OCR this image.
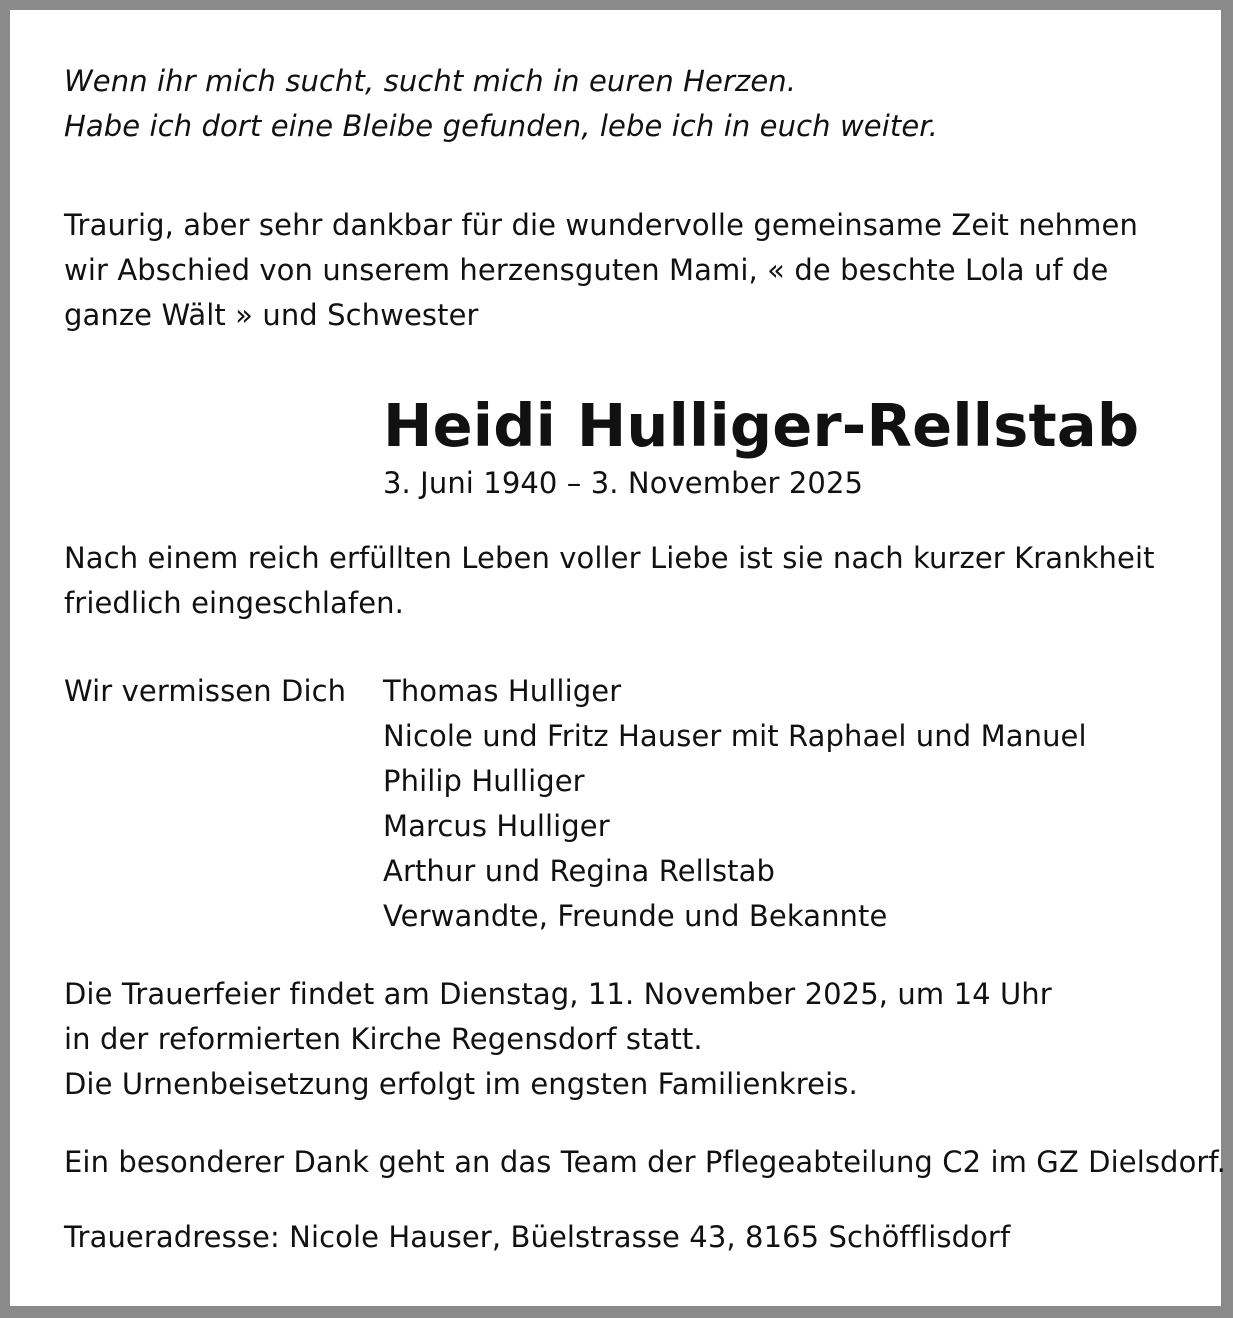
Wenn ihr mich sucht, sucht mich in euren Herzen.
Habe ich dort eine Bleibe gefunden, lebe ich in euch weiter.
Traurig, aber sehr dankbar für die wundervolle gemeinsame Zeit nehmen
wir Abschied von unserem herzensguten Mami, « de beschte Lola uf de
ganze Wält » und Schwester
Heidi Hulliger-Rellstab
3. Juni 1940 – 3. November 2025
Nach einem reich erfüllten Leben voller Liebe ist sie nach kurzer Krankheit
friedlich eingeschlafen.
Wir vermissen Dich Thomas Hulliger
Nicole und Fritz Hauser mit Raphael und Manuel
Philip Hulliger
Marcus Hulliger
Arthur und Regina Rellstab
Verwandte, Freunde und Bekannte
Die Trauerfeier findet am Dienstag, 11. November 2025, um 14 Uhr
in der reformierten Kirche Regensdorf statt.
Die Urnenbeisetzung erfolgt im engsten Familienkreis.
Ein besonderer Dank geht an das Team der Pflegeabteilung C2 im GZ Dielsdorf.
Traueradresse: Nicole Hauser, Büelstrasse 43, 8165 Schöfflisdorf
